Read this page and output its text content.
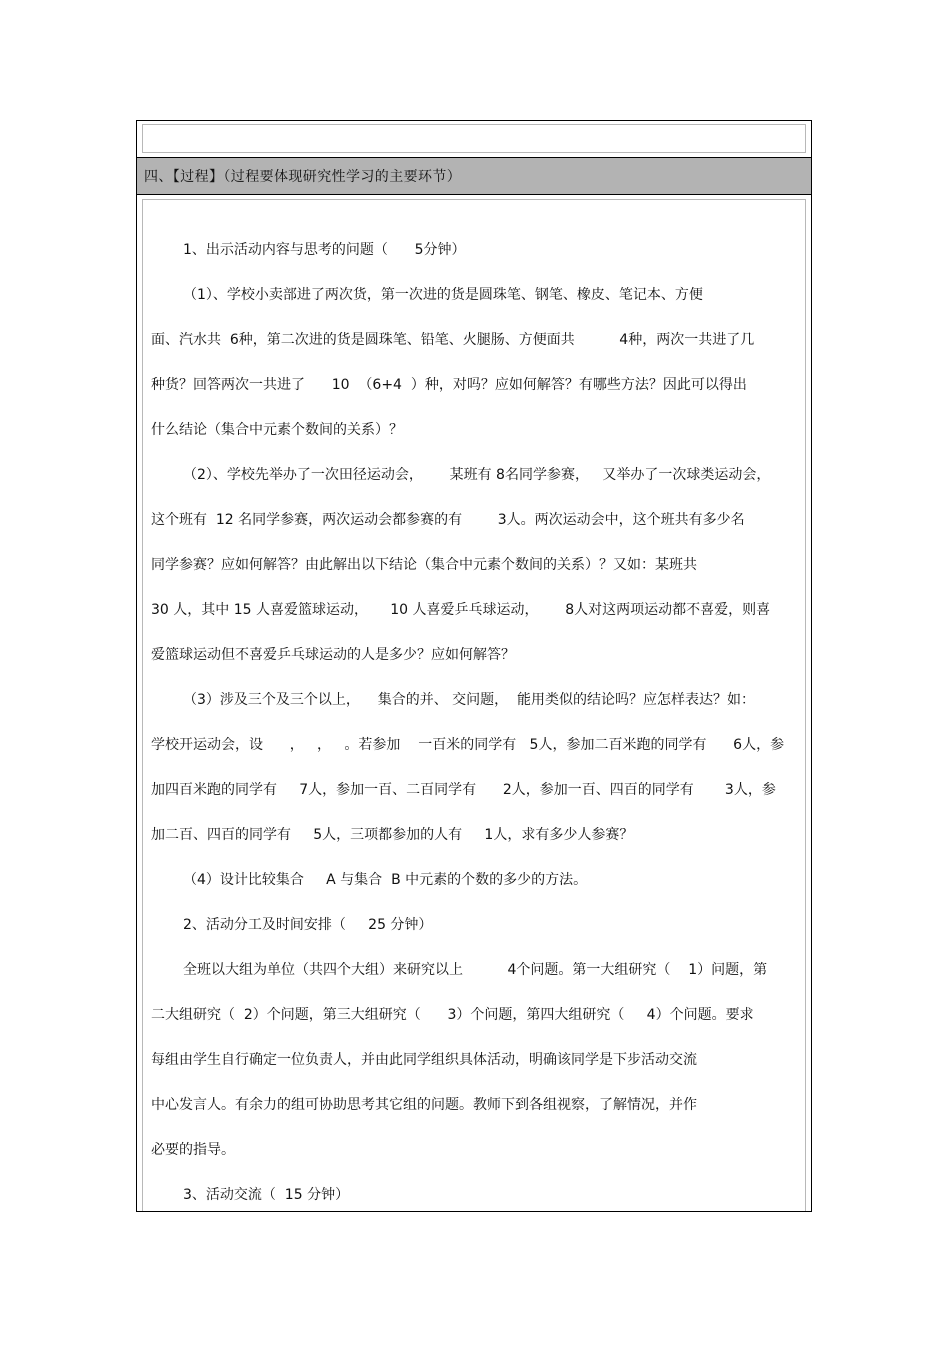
四、【过程】（过程要体现研究性学习的主要环节）
1、出示活动内容与思考的问题（      5分钟）
（1）、学校小卖部进了两次货，第一次进的货是圆珠笔、钢笔、橡皮、笔记本、方便
面、汽水共  6种，第二次进的货是圆珠笔、铅笔、火腿肠、方便面共          4种，两次一共进了几
种货？回答两次一共进了      10  （6+4  ）种，对吗？应如何解答？有哪些方法？因此可以得出
什么结论（集合中元素个数间的关系）？
（2）、学校先举办了一次田径运动会，      某班有 8名同学参赛，   又举办了一次球类运动会，
这个班有  12 名同学参赛，两次运动会都参赛的有        3人。两次运动会中，这个班共有多少名
同学参赛？应如何解答？由此解出以下结论（集合中元素个数间的关系）？又如：某班共
30 人，其中 15 人喜爱篮球运动，     10 人喜爱乒乓球运动，      8人对这两项运动都不喜爱，则喜
爱篮球运动但不喜爱乒乓球运动的人是多少？应如何解答？
（3）涉及三个及三个以上，    集合的并、 交问题，  能用类似的结论吗？应怎样表达？如：
学校开运动会，设      ，   ，   。若参加    一百米的同学有   5人，参加二百米跑的同学有      6人，参
加四百米跑的同学有     7人，参加一百、二百同学有      2人，参加一百、四百的同学有       3人，参
加二百、四百的同学有     5人，三项都参加的人有     1人，求有多少人参赛？
（4）设计比较集合     A 与集合  B 中元素的个数的多少的方法。
2、活动分工及时间安排（     25 分钟）
全班以大组为单位（共四个大组）来研究以上          4个问题。第一大组研究（    1）问题，第
二大组研究（  2）个问题，第三大组研究（      3）个问题，第四大组研究（     4）个问题。要求
每组由学生自行确定一位负责人，并由此同学组织具体活动，明确该同学是下步活动交流
中心发言人。有余力的组可协助思考其它组的问题。教师下到各组视察，了解情况，并作
必要的指导。
3、活动交流（  15 分钟）
